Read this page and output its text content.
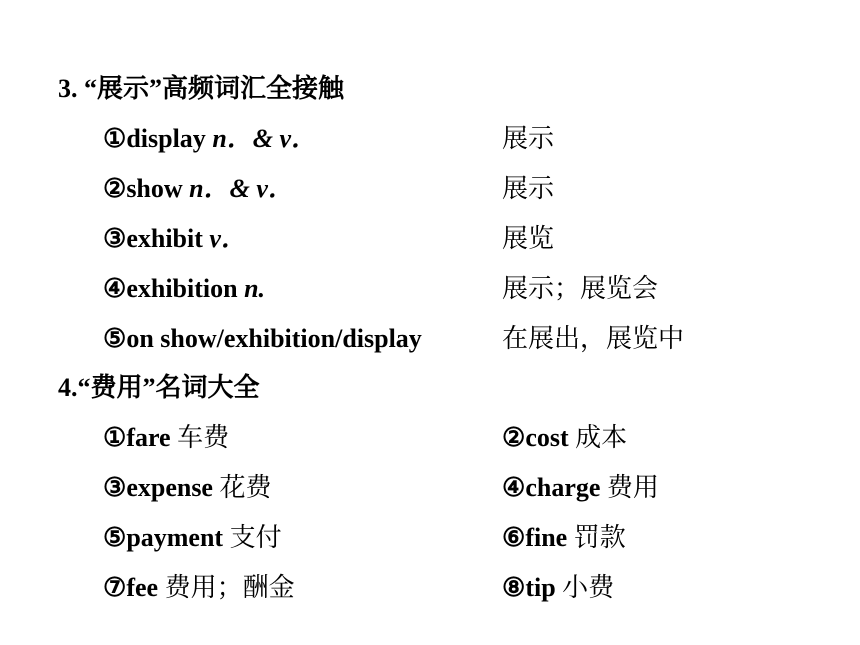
3. “展示”高频词汇全接触
①display n．& v．	展示
②show n．& v．	展示
③exhibit v．	展览
④exhibition n.	展示；展览会
⑤on show/exhibition/display	在展出，展览中
4.“费用”名词大全
①fare 车费	②cost 成本
③expense 花费	④charge 费用
⑤payment 支付	⑥fine 罚款
⑦fee 费用；酬金	⑧tip 小费
